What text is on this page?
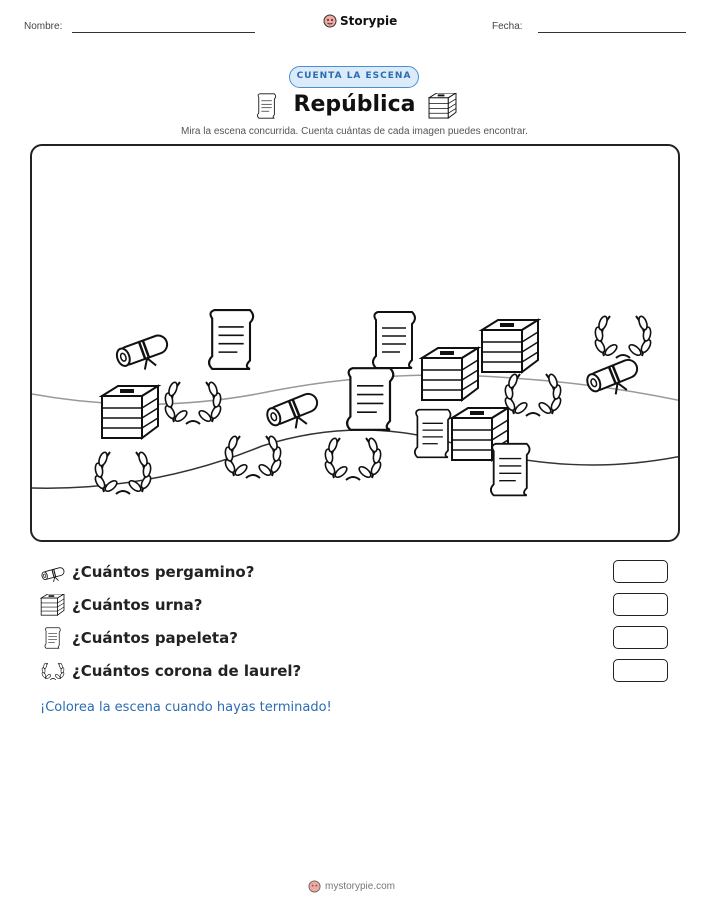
Nombre:	Fecha:
Storypie
CUENTA LA ESCENA
República
Mira la escena concurrida. Cuenta cuántas de cada imagen puedes encontrar.
¿Cuántos pergamino?
¿Cuántos urna?
¿Cuántos papeleta?
¿Cuántos corona de laurel?
¡Colorea la escena cuando hayas terminado!
mystorypie.com
